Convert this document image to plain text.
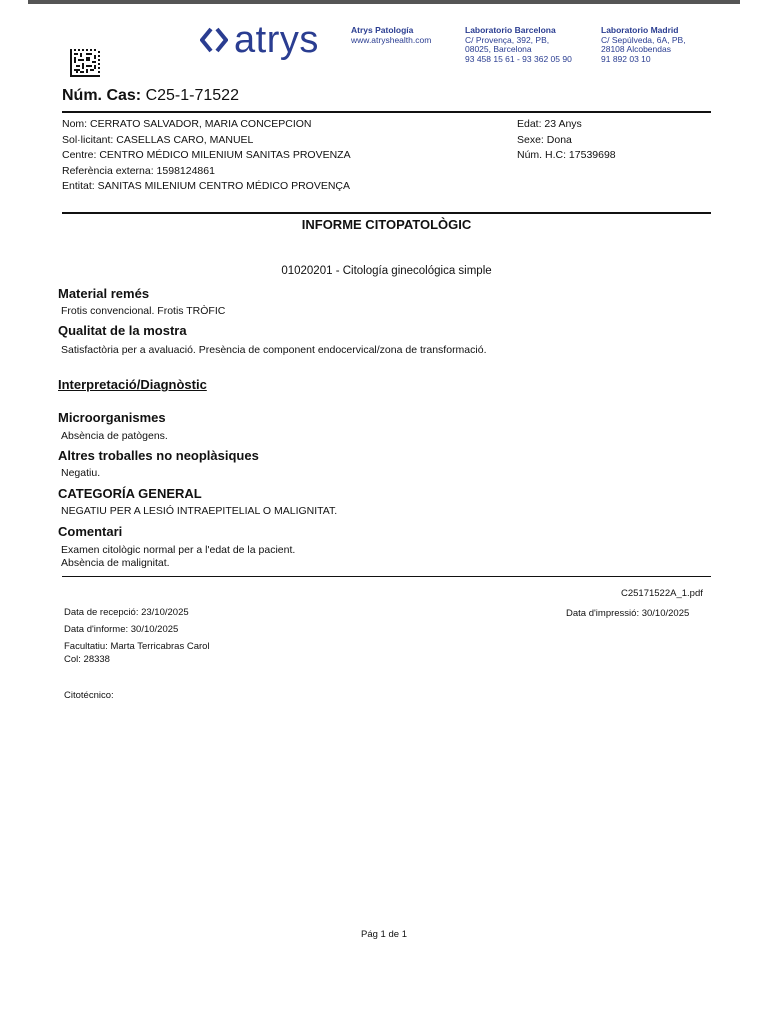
atrys	Atrys Patología
www.atryshealth.com
Laboratorio Barcelona
C/ Provença, 392, PB,
08025, Barcelona
93 458 15 61 - 93 362 05 90
Laboratorio Madrid
C/ Sepúlveda, 6A, PB,
28108 Alcobendas
91 892 03 10
Núm. Cas: C25-1-71522
Nom: CERRATO SALVADOR, MARIA CONCEPCION
Sol·licitant: CASELLAS CARO, MANUEL
Centre: CENTRO MÉDICO MILENIUM SANITAS PROVENZA
Referència externa: 1598124861
Entitat: SANITAS MILENIUM CENTRO MÉDICO PROVENÇA
Edat: 23 Anys
Sexe: Dona
Núm. H.C: 17539698
INFORME CITOPATOLÒGIC
01020201 - Citología ginecológica simple
Material remés
Frotis convencional. Frotis TRÒFIC
Qualitat de la mostra
Satisfactòria per a avaluació. Presència de component endocervical/zona de transformació.
Interpretació/Diagnòstic
Microorganismes
Absència de patògens.
Altres troballes no neoplàsiques
Negatiu.
CATEGORÍA GENERAL
NEGATIU PER A LESIÓ INTRAEPITELIAL O MALIGNITAT.
Comentari
Examen citològic normal per a l'edat de la pacient.
Absència de malignitat.
C25171522A_1.pdf
Data d'impressió: 30/10/2025
Data de recepció: 23/10/2025
Data d'informe: 30/10/2025
Facultatiu: Marta Terricabras Carol
Col: 28338
Citotécnico:
Pág 1 de 1
